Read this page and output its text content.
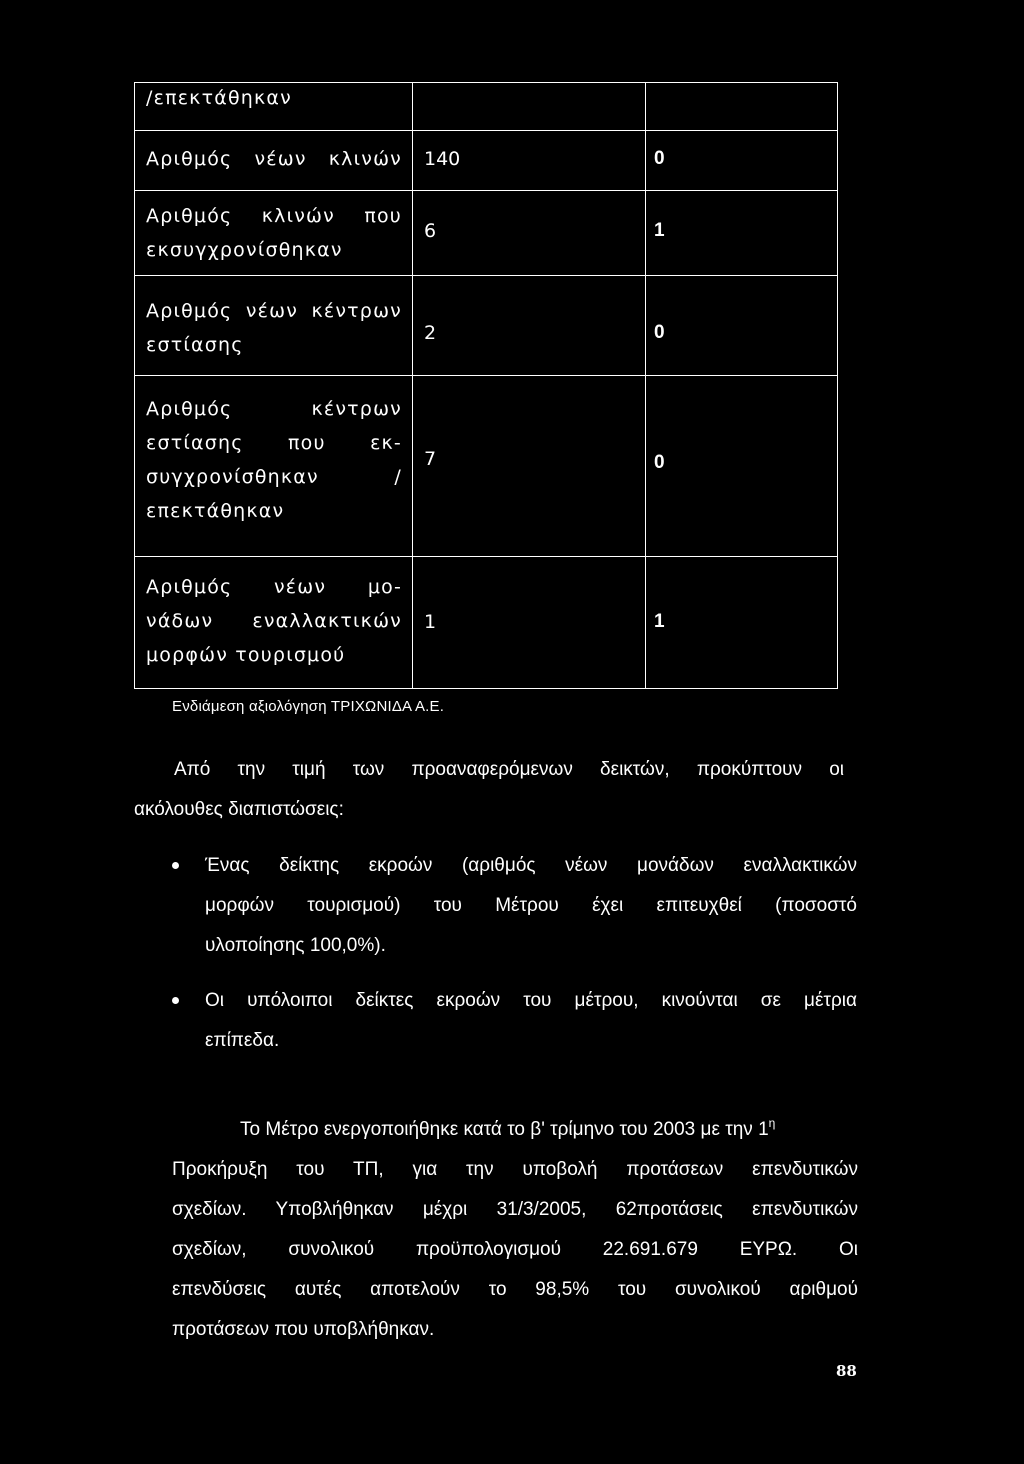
/επεκτάθηκαν
Αριθμός νέων κλινών 140	0
Αριθμός κλινών που
εκσυγχρονίσθηκαν
6	1
Αριθμός νέων κέντρων
εστίασης
2	0
Αριθμός κέντρων
εστίασης που εκ-
συγχρονίσθηκαν /
επεκτάθηκαν
7	0
Αριθμός νέων μο-
νάδων εναλλακτικών
μορφών τουρισμού
1	1
Ενδιάμεση αξιολόγηση ΤΡΙΧΩΝΙΔΑ Α.Ε.
Από την τιμή των προαναφερόμενων δεικτών, προκύπτουν οι
ακόλουθες διαπιστώσεις:
Ένας δείκτης εκροών (αριθμός νέων μονάδων εναλλακτικών
μορφών τουρισμού) του Μέτρου έχει επιτευχθεί (ποσοστό
υλοποίησης 100,0%).
Οι υπόλοιποι δείκτες εκροών του μέτρου, κινούνται σε μέτρια
επίπεδα.
Το Μέτρο ενεργοποιήθηκε κατά το β' τρίμηνο του 2003 με την $1^\eta$
Προκήρυξη του ΤΠ, για την υποβολή προτάσεων επενδυτικών
σχεδίων. Υποβλήθηκαν μέχρι 31/3/2005, 62προτάσεις επενδυτικών
σχεδίων, συνολικού προϋπολογισμού 22.691.679 ΕΥΡΩ. Οι
επενδύσεις αυτές αποτελούν το 98,5% του συνολικού αριθμού
προτάσεων που υποβλήθηκαν.
88
